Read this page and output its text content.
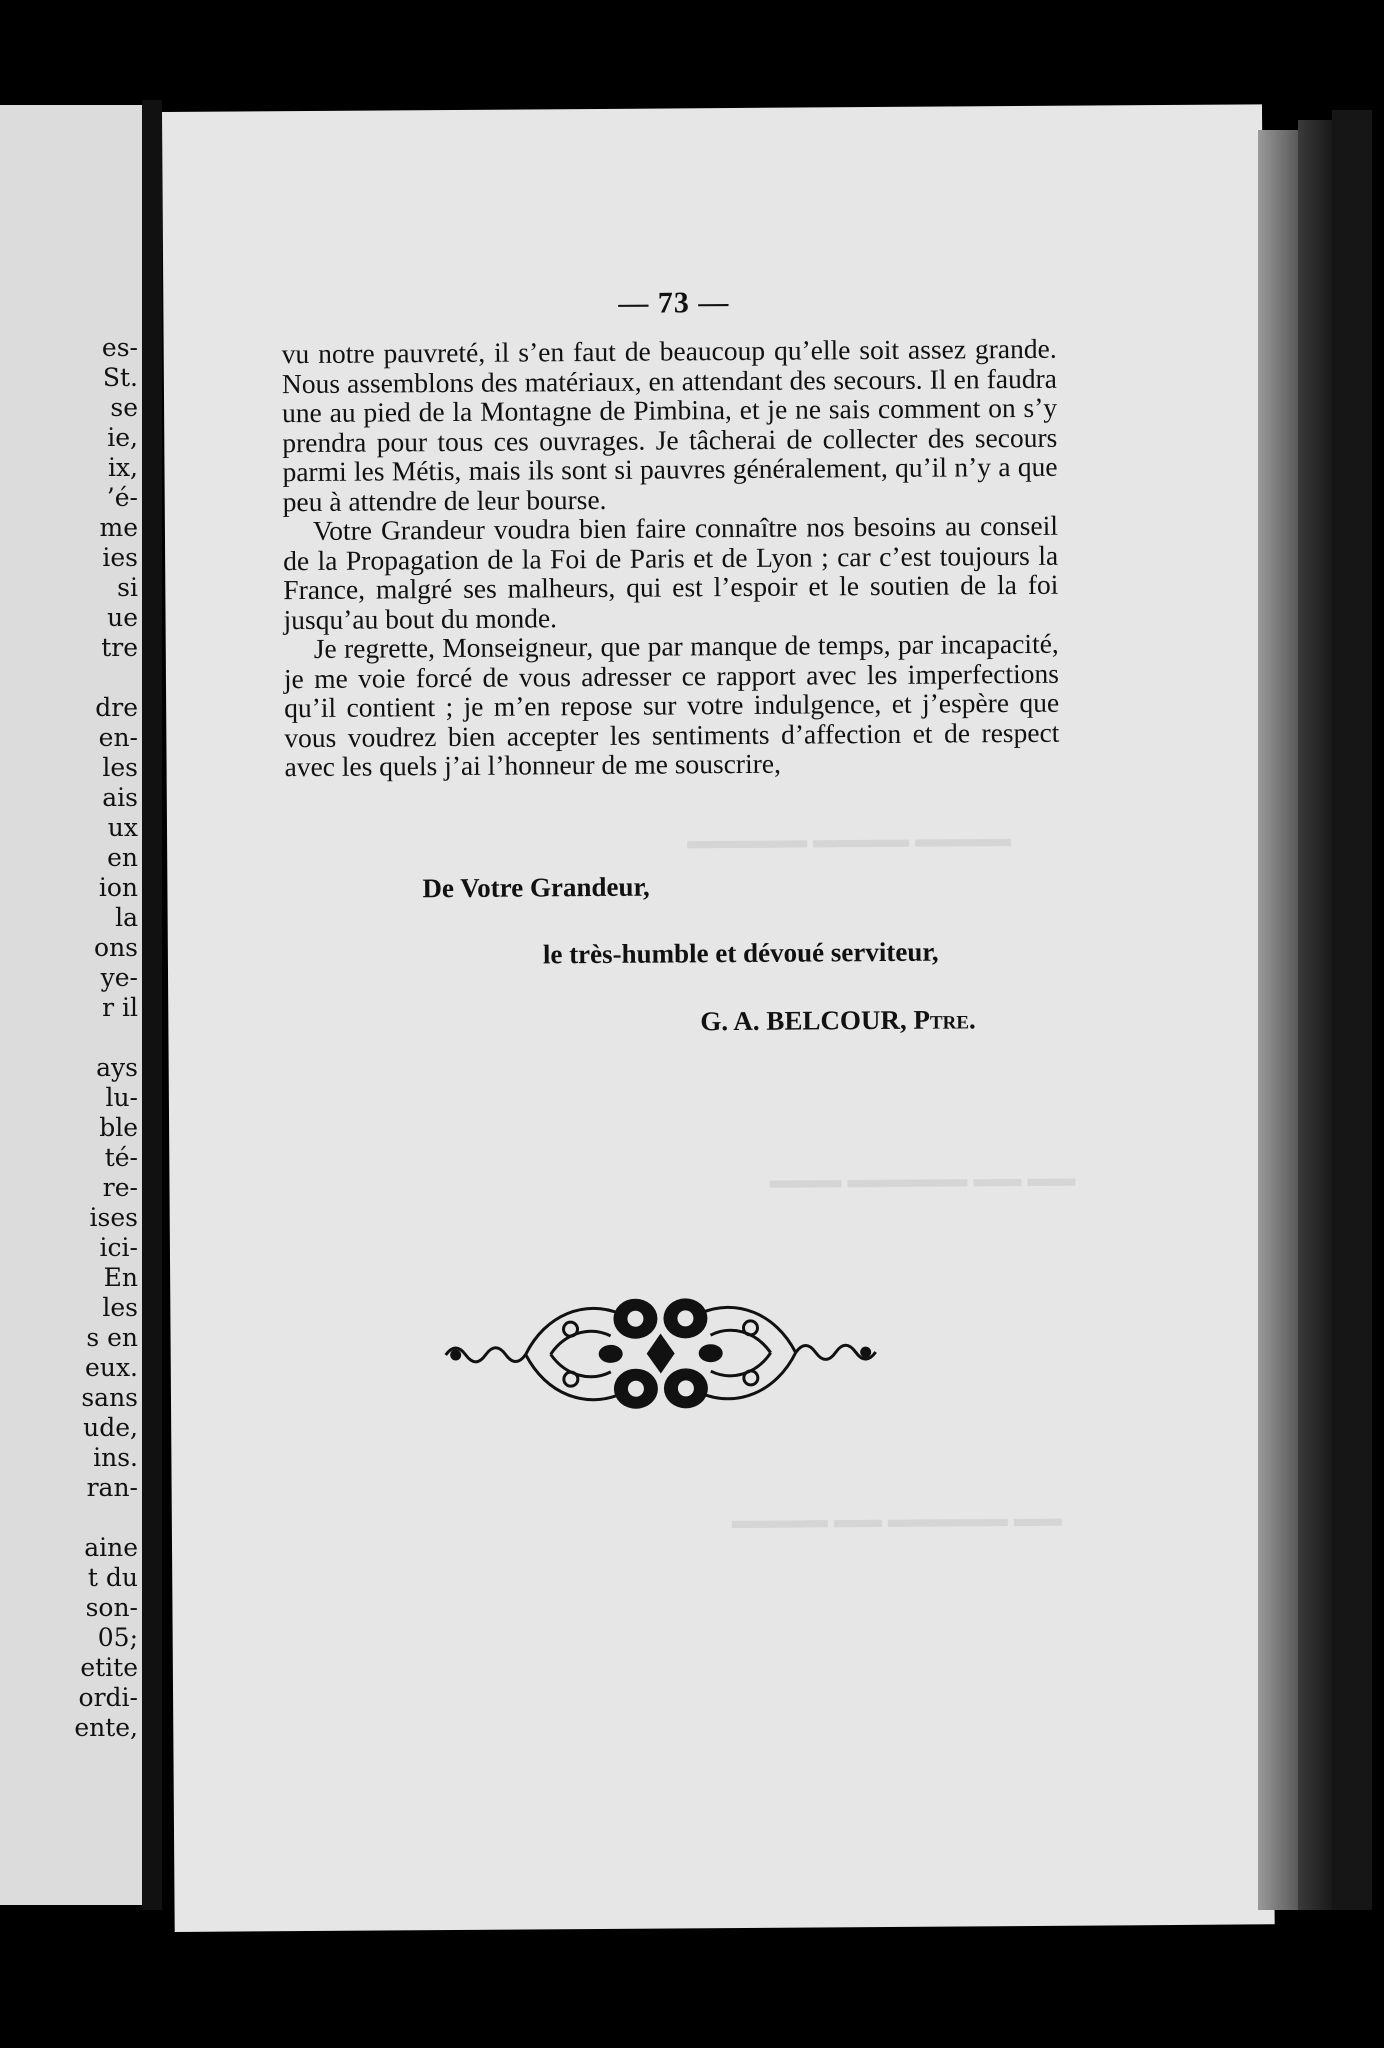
es-
St.
se
ie,
ix,
’é-
me
ies
si
ue
tre
dre
en-
les
ais
ux
en
ion
la
ons
ye-
r il
ays
lu-
ble
té-
re-
ises
ici-
En
les
s en
eux.
sans
ude,
ins.
ran-
aine
t du
son-
05;
etite
ordi-
ente,
▬▬▬▬▬ ▬▬▬▬ ▬▬▬▬
▬▬▬ ▬▬▬▬▬ ▬▬ ▬▬
▬▬▬▬ ▬▬ ▬▬▬▬▬ ▬▬
— 73 —

vu notre pauvreté, il s’en faut de beaucoup qu’elle soit assez grande. Nous assemblons des matériaux, en attendant des secours. Il en faudra une au pied de la Montagne de Pimbina, et je ne sais comment on s’y prendra pour tous ces ouvrages. Je tâcherai de collecter des secours parmi les Métis, mais ils sont si pauvres généralement, qu’il n’y a que peu à attendre de leur bourse.

Votre Grandeur voudra bien faire connaître nos besoins au conseil de la Propagation de la Foi de Paris et de Lyon ; car c’est toujours la France, malgré ses malheurs, qui est l’espoir et le soutien de la foi jusqu’au bout du monde.

Je regrette, Monseigneur, que par manque de temps, par incapacité, je me voie forcé de vous adresser ce rapport avec les imperfections qu’il contient ; je m’en repose sur votre indulgence, et j’espère que vous voudrez bien accepter les sentiments d’affection et de respect avec les quels j’ai l’honneur de me souscrire,

De Votre Grandeur,
le très-humble et dévoué serviteur,
G. A. BELCOUR, Ptre.
